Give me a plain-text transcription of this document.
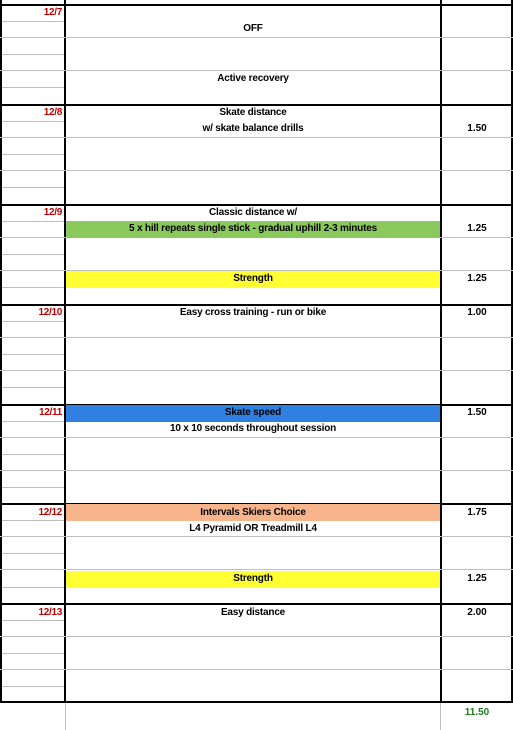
12/7
OFF
Active recovery
12/8	Skate distance
w/ skate balance drills	1.50
12/9	Classic distance w/
5 x hill repeats single stick - gradual uphill 2-3 minutes	1.25
Strength	1.25
12/10	Easy cross training - run or bike	1.00
12/11	Skate speed	1.50
10 x 10 seconds throughout session
12/12	Intervals Skiers Choice	1.75
L4 Pyramid OR Treadmill L4
Strength	1.25
12/13	Easy distance	2.00
11.50
